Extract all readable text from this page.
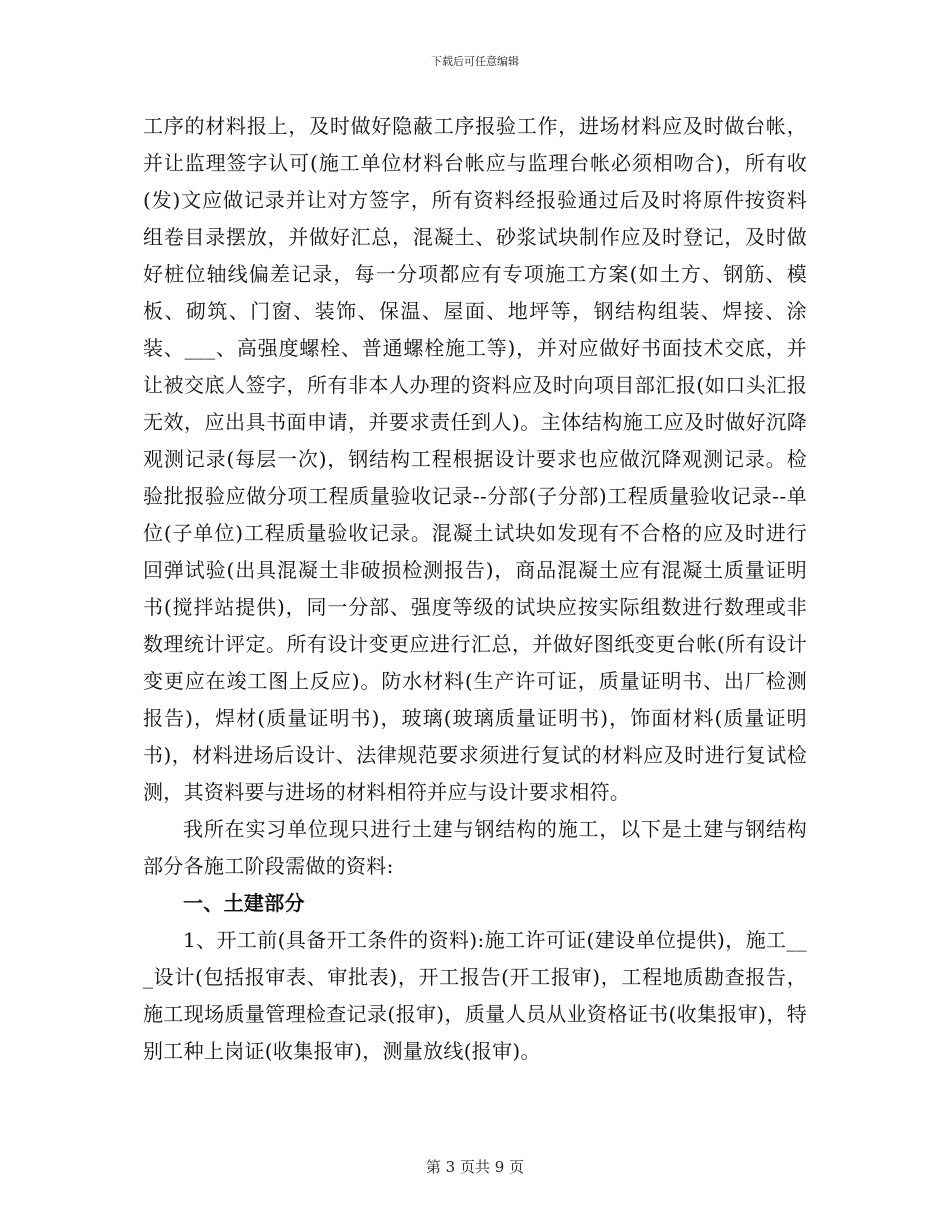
下载后可任意编辑

工序的材料报上，及时做好隐蔽工序报验工作，进场材料应及时做台帐，并让监理签字认可(施工单位材料台帐应与监理台帐必须相吻合)，所有收(发)文应做记录并让对方签字，所有资料经报验通过后及时将原件按资料组卷目录摆放，并做好汇总，混凝土、砂浆试块制作应及时登记，及时做好桩位轴线偏差记录，每一分项都应有专项施工方案(如土方、钢筋、模板、砌筑、门窗、装饰、保温、屋面、地坪等，钢结构组装、焊接、涂装、___、高强度螺栓、普通螺栓施工等)，并对应做好书面技术交底，并让被交底人签字，所有非本人办理的资料应及时向项目部汇报(如口头汇报无效，应出具书面申请，并要求责任到人)。主体结构施工应及时做好沉降观测记录(每层一次)，钢结构工程根据设计要求也应做沉降观测记录。检验批报验应做分项工程质量验收记录--分部(子分部)工程质量验收记录--单位(子单位)工程质量验收记录。混凝土试块如发现有不合格的应及时进行回弹试验(出具混凝土非破损检测报告)，商品混凝土应有混凝土质量证明书(搅拌站提供)，同一分部、强度等级的试块应按实际组数进行数理或非数理统计评定。所有设计变更应进行汇总，并做好图纸变更台帐(所有设计变更应在竣工图上反应)。防水材料(生产许可证，质量证明书、出厂检测报告)，焊材(质量证明书)，玻璃(玻璃质量证明书)，饰面材料(质量证明书)，材料进场后设计、法律规范要求须进行复试的材料应及时进行复试检测，其资料要与进场的材料相符并应与设计要求相符。

我所在实习单位现只进行土建与钢结构的施工，以下是土建与钢结构部分各施工阶段需做的资料:

一、土建部分

1、开工前(具备开工条件的资料):施工许可证(建设单位提供)，施工___设计(包括报审表、审批表)，开工报告(开工报审)，工程地质勘查报告，施工现场质量管理检查记录(报审)，质量人员从业资格证书(收集报审)，特别工种上岗证(收集报审)，测量放线(报审)。

第 3 页共 9 页
